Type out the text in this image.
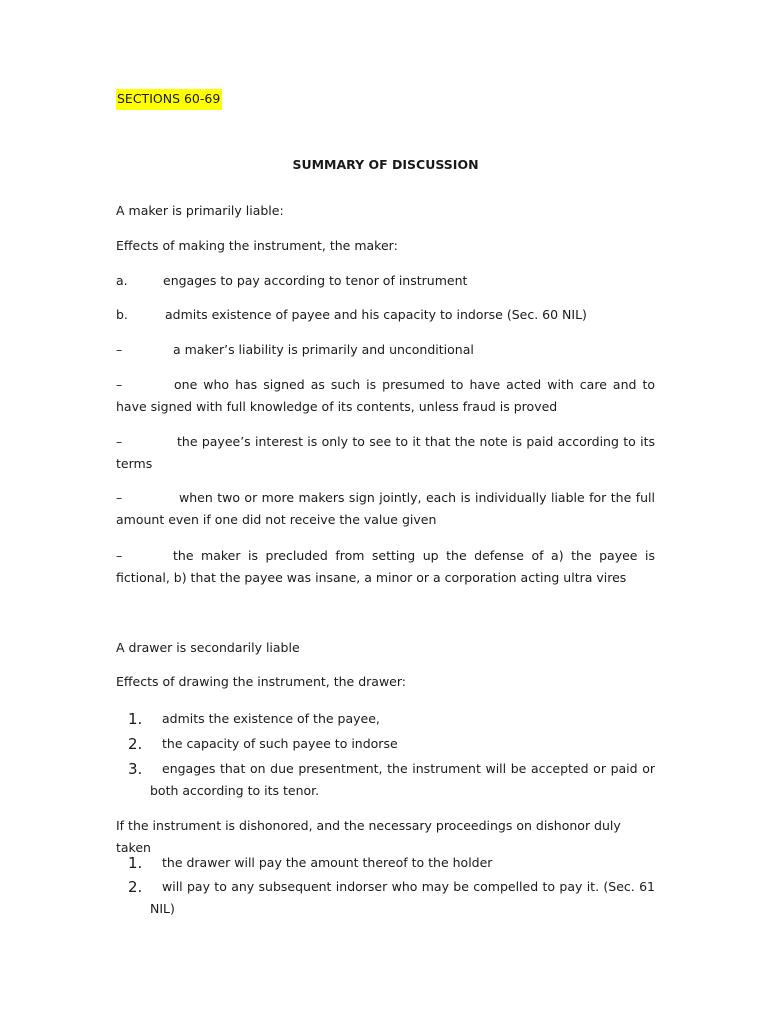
SECTIONS 60-69
SUMMARY OF DISCUSSION
A maker is primarily liable:
Effects of making the instrument, the maker:
a.	engages to pay according to tenor of instrument
b.	admits existence of payee and his capacity to indorse (Sec. 60 NIL)
–	a maker’s liability is primarily and unconditional
–	one who has signed as such is presumed to have acted with care and to have signed with full knowledge of its contents, unless fraud is proved
–	the payee’s interest is only to see to it that the note is paid according to its terms
–	when two or more makers sign jointly, each is individually liable for the full amount even if one did not receive the value given
–	the maker is precluded from setting up the defense of a) the payee is fictional, b) that the payee was insane, a minor or a corporation acting ultra vires
A drawer is secondarily liable
Effects of drawing the instrument, the drawer:
1.	admits the existence of the payee,
2.	the capacity of such payee to indorse
3.	engages that on due presentment, the instrument will be accepted or paid or both according to its tenor.
If the instrument is dishonored, and the necessary proceedings on dishonor duly taken
1.	the drawer will pay the amount thereof to the holder
2.	will pay to any subsequent indorser who may be compelled to pay it. (Sec. 61 NIL)
